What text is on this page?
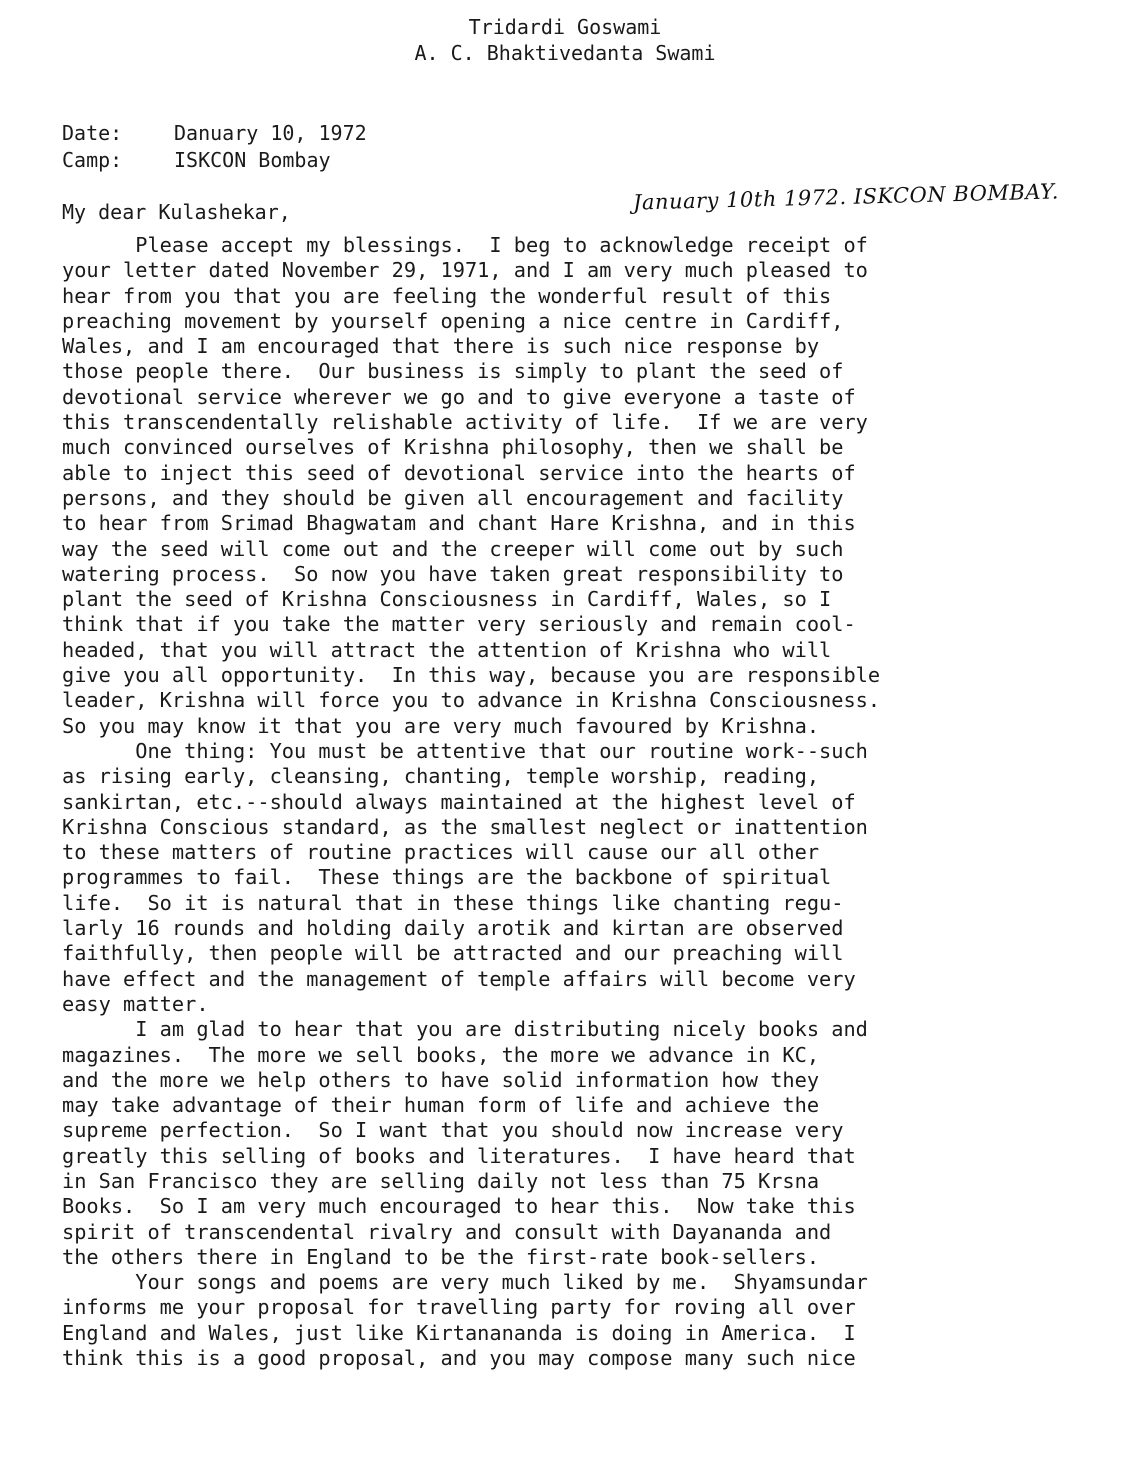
Tridardi Goswami
A. C. Bhaktivedanta Swami
Date:	Danuary 10, 1972
Camp:	ISKCON Bombay
January 10th 1972. ISKCON BOMBAY.
My dear Kulashekar,
Please accept my blessings.  I beg to acknowledge receipt of
your letter dated November 29, 1971, and I am very much pleased to
hear from you that you are feeling the wonderful result of this
preaching movement by yourself opening a nice centre in Cardiff,
Wales, and I am encouraged that there is such nice response by
those people there.  Our business is simply to plant the seed of
devotional service wherever we go and to give everyone a taste of
this transcendentally relishable activity of life.  If we are very
much convinced ourselves of Krishna philosophy, then we shall be
able to inject this seed of devotional service into the hearts of
persons, and they should be given all encouragement and facility
to hear from Srimad Bhagwatam and chant Hare Krishna, and in this
way the seed will come out and the creeper will come out by such
watering process.  So now you have taken great responsibility to
plant the seed of Krishna Consciousness in Cardiff, Wales, so I
think that if you take the matter very seriously and remain cool-
headed, that you will attract the attention of Krishna who will
give you all opportunity.  In this way, because you are responsible
leader, Krishna will force you to advance in Krishna Consciousness.
So you may know it that you are very much favoured by Krishna.
One thing: You must be attentive that our routine work--such
as rising early, cleansing, chanting, temple worship, reading,
sankirtan, etc.--should always maintained at the highest level of
Krishna Conscious standard, as the smallest neglect or inattention
to these matters of routine practices will cause our all other
programmes to fail.  These things are the backbone of spiritual
life.  So it is natural that in these things like chanting regu-
larly 16 rounds and holding daily arotik and kirtan are observed
faithfully, then people will be attracted and our preaching will
have effect and the management of temple affairs will become very
easy matter.
I am glad to hear that you are distributing nicely books and
magazines.  The more we sell books, the more we advance in KC,
and the more we help others to have solid information how they
may take advantage of their human form of life and achieve the
supreme perfection.  So I want that you should now increase very
greatly this selling of books and literatures.  I have heard that
in San Francisco they are selling daily not less than 75 Krsna
Books.  So I am very much encouraged to hear this.  Now take this
spirit of transcendental rivalry and consult with Dayananda and
the others there in England to be the first-rate book-sellers.
Your songs and poems are very much liked by me.  Shyamsundar
informs me your proposal for travelling party for roving all over
England and Wales, just like Kirtanananda is doing in America.  I
think this is a good proposal, and you may compose many such nice
